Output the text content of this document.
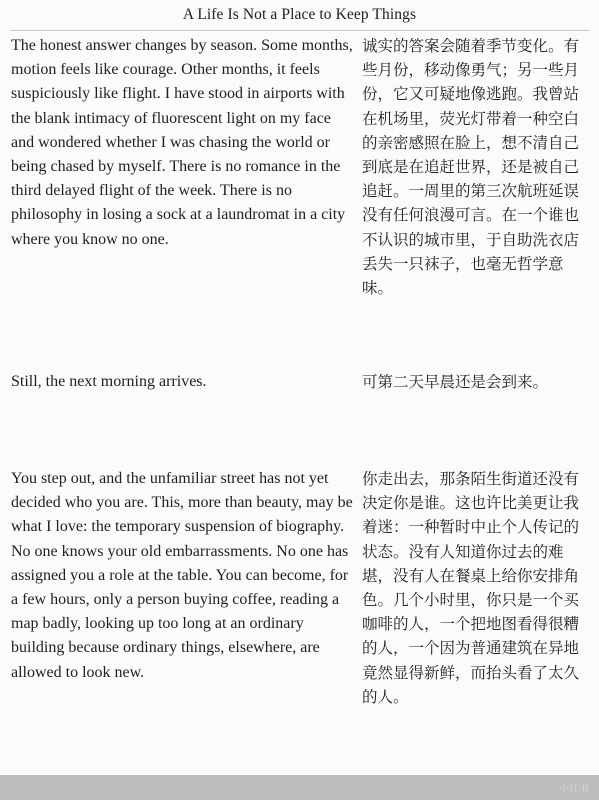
A Life Is Not a Place to Keep Things

The honest answer changes by season. Some months, motion feels like courage. Other months, it feels suspiciously like flight. I have stood in airports with the blank intimacy of fluorescent light on my face and wondered whether I was chasing the world or being chased by myself. There is no romance in the third delayed flight of the week. There is no philosophy in losing a sock at a laundromat in a city where you know no one.

诚实的答案会随着季节变化。有些月份，移动像勇气；另一些月份，它又可疑地像逃跑。我曾站在机场里，荧光灯带着一种空白的亲密感照在脸上，想不清自己到底是在追赶世界，还是被自己追赶。一周里的第三次航班延误没有任何浪漫可言。在一个谁也不认识的城市里，于自助洗衣店丢失一只袜子，也毫无哲学意味。

Still, the next morning arrives.	可第二天早晨还是会到来。

You step out, and the unfamiliar street has not yet decided who you are. This, more than beauty, may be what I love: the temporary suspension of biography. No one knows your old embarrassments. No one has assigned you a role at the table. You can become, for a few hours, only a person buying coffee, reading a map badly, looking up too long at an ordinary building because ordinary things, elsewhere, are allowed to look new.

你走出去，那条陌生街道还没有决定你是谁。这也许比美更让我着迷：一种暂时中止个人传记的状态。没有人知道你过去的难堪，没有人在餐桌上给你安排角色。几个小时里，你只是一个买咖啡的人，一个把地图看得很糟的人，一个因为普通建筑在异地竟然显得新鲜，而抬头看了太久的人。

小红书
